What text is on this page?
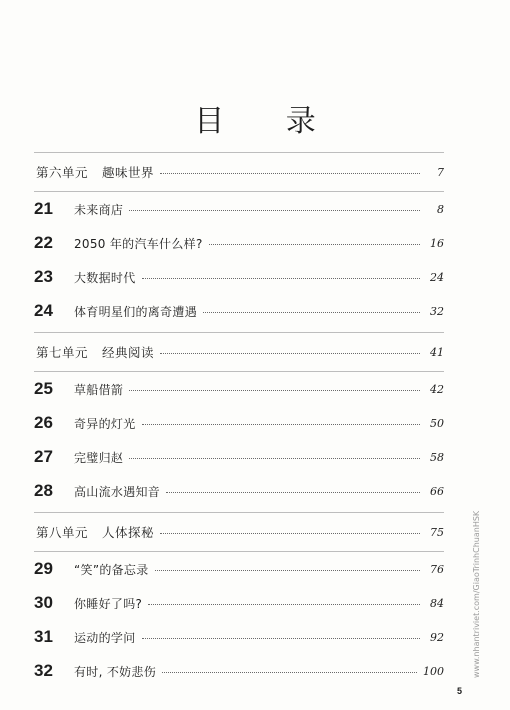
目 录
第六单元 趣味世界	7
21	未来商店	8
22	2050 年的汽车什么样?	16
23	大数据时代	24
24	体育明星们的离奇遭遇	32
第七单元 经典阅读	41
25	草船借箭	42
26	奇异的灯光	50
27	完璧归赵	58
28	高山流水遇知音	66
第八单元 人体探秘	75
29	“笑”的备忘录	76
30	你睡好了吗?	84
31	运动的学问	92
32	有时, 不妨悲伤	100	www.nhantriviet.com/GiaoTrinhChuanHSK
5
